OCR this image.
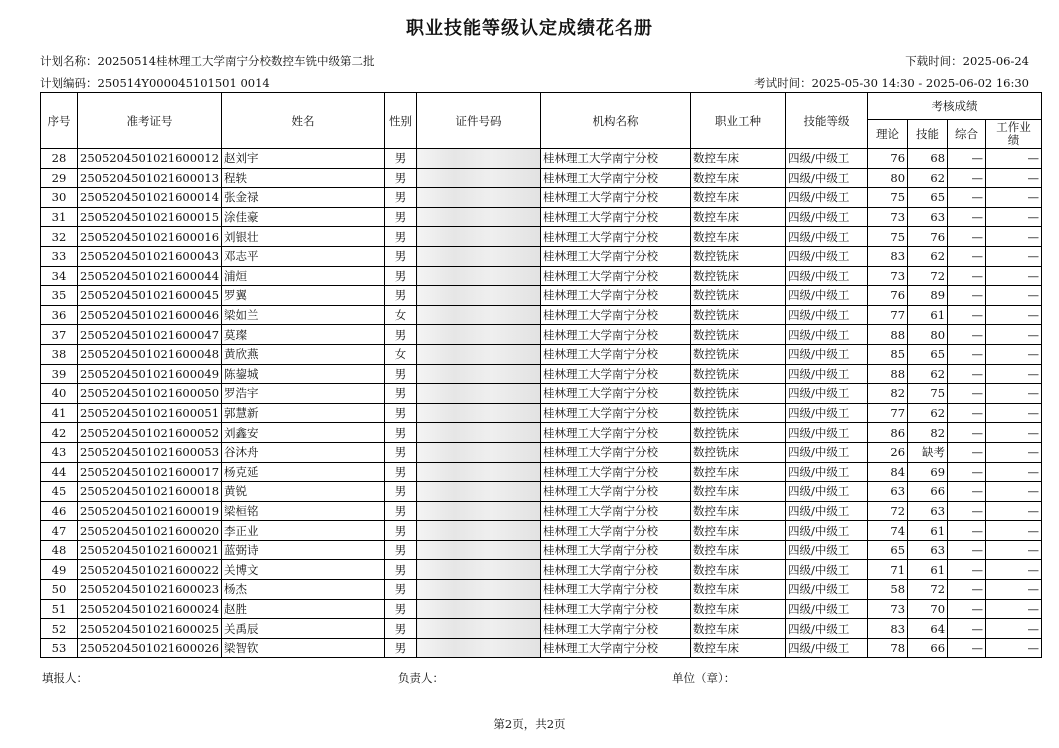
职业技能等级认定成绩花名册
计划名称：20250514桂林理工大学南宁分校数控车铣中级第二批	下载时间：2025-06-24
计划编码：250514Y000045101501 0014	考试时间：2025-05-30 14:30 - 2025-06-02 16:30
序号	准考证号	姓名	性别	证件号码	机构名称	职业工种	技能等级	考核成绩			
								理论	技能	综合	工作业绩
28	2505204501021600012	赵刘宇	男		桂林理工大学南宁分校	数控车床	四级/中级工	76	68	—	—
29	2505204501021600013	程轶	男		桂林理工大学南宁分校	数控车床	四级/中级工	80	62	—	—
30	2505204501021600014	张金禄	男		桂林理工大学南宁分校	数控车床	四级/中级工	75	65	—	—
31	2505204501021600015	涂佳豪	男		桂林理工大学南宁分校	数控车床	四级/中级工	73	63	—	—
32	2505204501021600016	刘银壮	男		桂林理工大学南宁分校	数控车床	四级/中级工	75	76	—	—
33	2505204501021600043	邓志平	男		桂林理工大学南宁分校	数控铣床	四级/中级工	83	62	—	—
34	2505204501021600044	浦烜	男		桂林理工大学南宁分校	数控铣床	四级/中级工	73	72	—	—
35	2505204501021600045	罗翼	男		桂林理工大学南宁分校	数控铣床	四级/中级工	76	89	—	—
36	2505204501021600046	梁如兰	女		桂林理工大学南宁分校	数控铣床	四级/中级工	77	61	—	—
37	2505204501021600047	莫璨	男		桂林理工大学南宁分校	数控铣床	四级/中级工	88	80	—	—
38	2505204501021600048	黄欣燕	女		桂林理工大学南宁分校	数控铣床	四级/中级工	85	65	—	—
39	2505204501021600049	陈鋆城	男		桂林理工大学南宁分校	数控铣床	四级/中级工	88	62	—	—
40	2505204501021600050	罗浩宇	男		桂林理工大学南宁分校	数控铣床	四级/中级工	82	75	—	—
41	2505204501021600051	郭慧新	男		桂林理工大学南宁分校	数控铣床	四级/中级工	77	62	—	—
42	2505204501021600052	刘鑫安	男		桂林理工大学南宁分校	数控铣床	四级/中级工	86	82	—	—
43	2505204501021600053	谷沐舟	男		桂林理工大学南宁分校	数控铣床	四级/中级工	26	缺考	—	—
44	2505204501021600017	杨克延	男		桂林理工大学南宁分校	数控车床	四级/中级工	84	69	—	—
45	2505204501021600018	黄锐	男		桂林理工大学南宁分校	数控车床	四级/中级工	63	66	—	—
46	2505204501021600019	梁桓铭	男		桂林理工大学南宁分校	数控车床	四级/中级工	72	63	—	—
47	2505204501021600020	李正业	男		桂林理工大学南宁分校	数控车床	四级/中级工	74	61	—	—
48	2505204501021600021	蓝弼诗	男		桂林理工大学南宁分校	数控车床	四级/中级工	65	63	—	—
49	2505204501021600022	关博文	男		桂林理工大学南宁分校	数控车床	四级/中级工	71	61	—	—
50	2505204501021600023	杨杰	男		桂林理工大学南宁分校	数控车床	四级/中级工	58	72	—	—
51	2505204501021600024	赵胜	男		桂林理工大学南宁分校	数控车床	四级/中级工	73	70	—	—
52	2505204501021600025	关禹辰	男		桂林理工大学南宁分校	数控车床	四级/中级工	83	64	—	—
53	2505204501021600026	梁智钦	男		桂林理工大学南宁分校	数控车床	四级/中级工	78	66	—	—
填报人：	负责人：	单位（章）：
第2页，共2页
